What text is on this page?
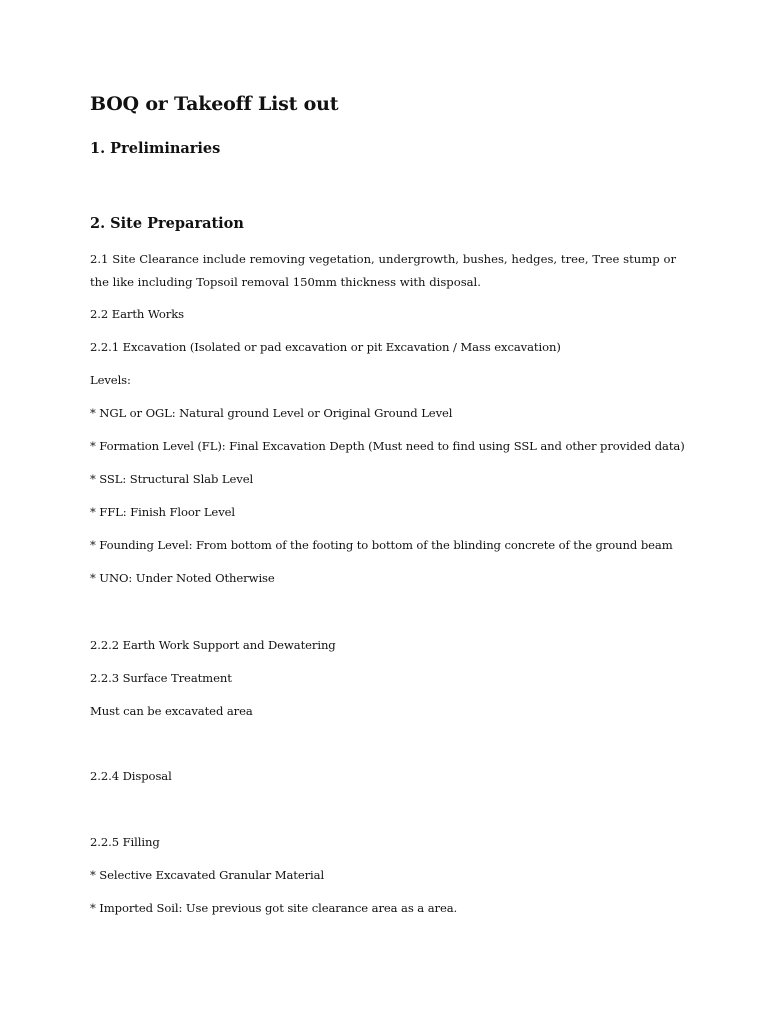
BOQ or Takeoff List out
1. Preliminaries
2. Site Preparation

2.1 Site Clearance include removing vegetation, undergrowth, bushes, hedges, tree, Tree stump or the like including Topsoil removal 150mm thickness with disposal.

2.2 Earth Works

2.2.1 Excavation (Isolated or pad excavation or pit Excavation / Mass excavation)

Levels:

* NGL or OGL: Natural ground Level or Original Ground Level

* Formation Level (FL): Final Excavation Depth (Must need to find using SSL and other provided data)

* SSL: Structural Slab Level

* FFL: Finish Floor Level

* Founding Level: From bottom of the footing to bottom of the blinding concrete of the ground beam

* UNO: Under Noted Otherwise

2.2.2 Earth Work Support and Dewatering

2.2.3 Surface Treatment

Must can be excavated area

2.2.4 Disposal

2.2.5 Filling

* Selective Excavated Granular Material

* Imported Soil: Use previous got site clearance area as a area.
